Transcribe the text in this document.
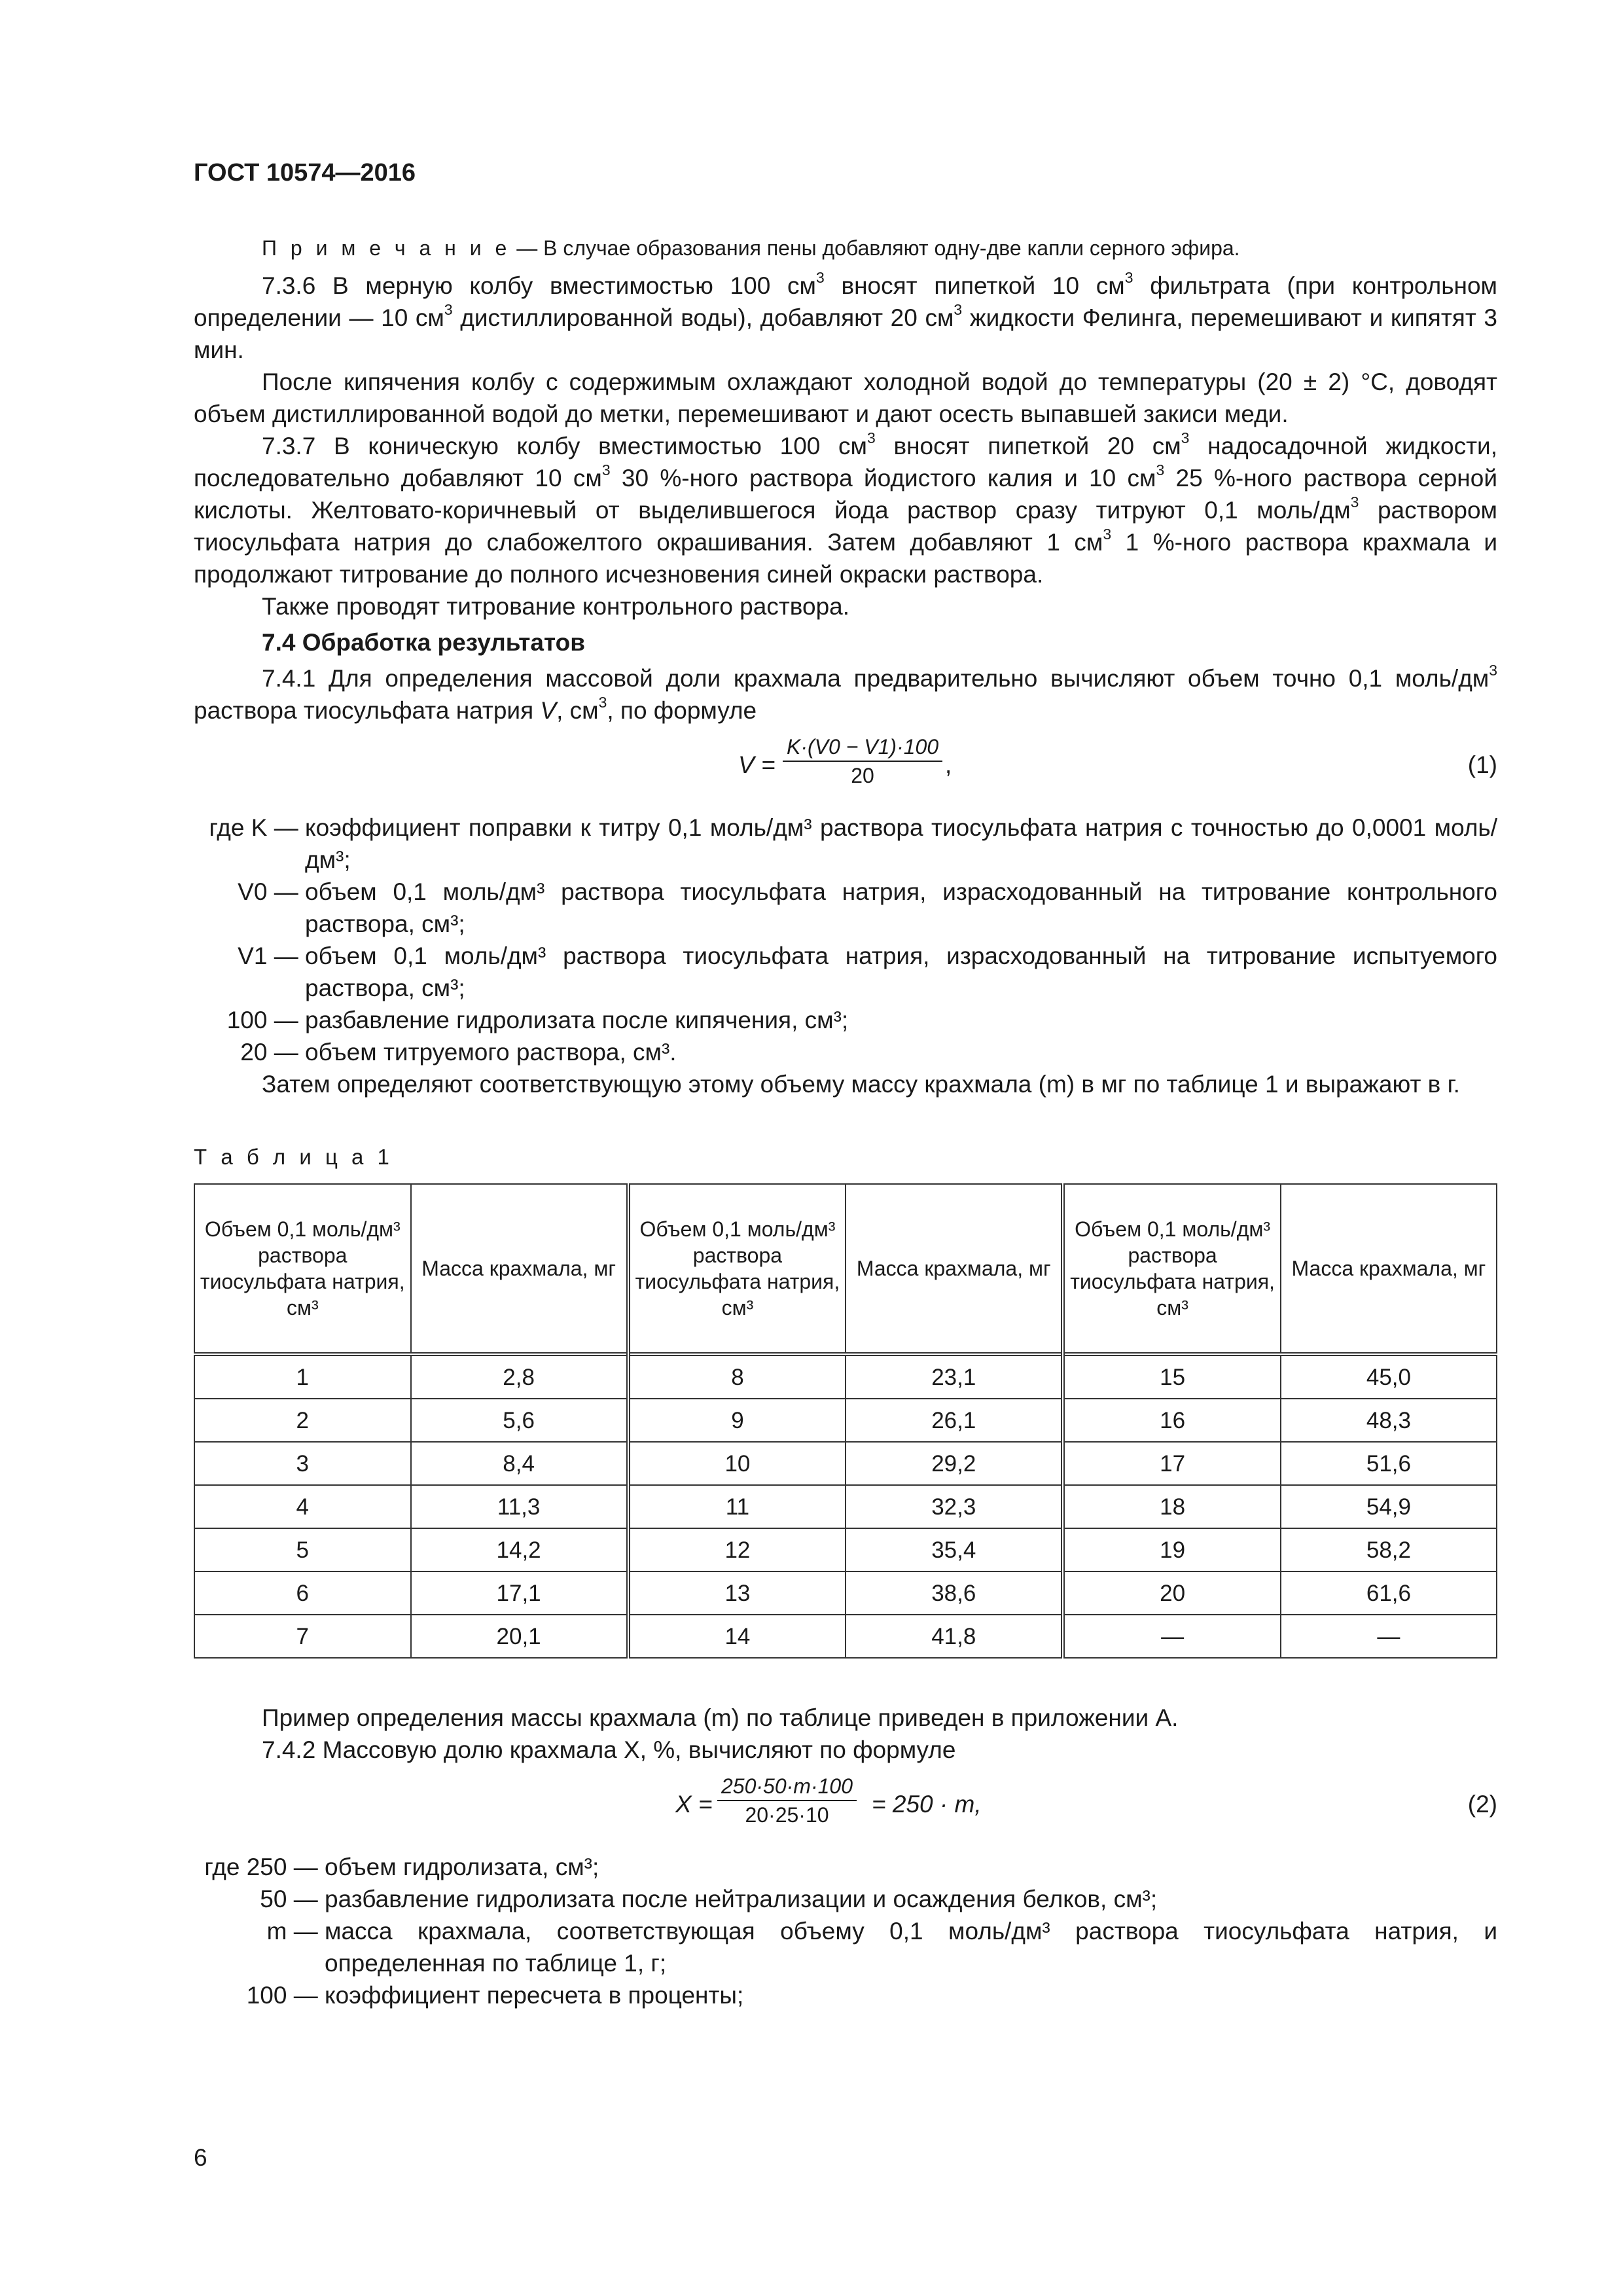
ГОСТ 10574—2016

П р и м е ч а н и е — В случае образования пены добавляют одну-две капли серного эфира.

7.3.6 В мерную колбу вместимостью 100 $см^3$ вносят пипеткой 10 $см^3$ фильтрата (при контрольном определении — 10 $см^3$ дистиллированной воды), добавляют 20 $см^3$ жидкости Фелинга, перемешивают и кипятят 3 мин.

После кипячения колбу с содержимым охлаждают холодной водой до температуры (20 ± 2) °С, доводят объем дистиллированной водой до метки, перемешивают и дают осесть выпавшей закиси меди.

7.3.7 В коническую колбу вместимостью 100 $см^3$ вносят пипеткой 20 $см^3$ надосадочной жидкости, последовательно добавляют 10 $см^3$ 30 %-ного раствора йодистого калия и 10 $см^3$ 25 %-ного раствора серной кислоты. Желтовато-коричневый от выделившегося йода раствор сразу титруют 0,1 моль/$дм^3$ раствором тиосульфата натрия до слабожелтого окрашивания. Затем добавляют 1 $см^3$ 1 %-ного раствора крахмала и продолжают титрование до полного исчезновения синей окраски раствора.

Также проводят титрование контрольного раствора.

7.4 Обработка результатов

7.4.1 Для определения массовой доли крахмала предварительно вычисляют объем точно 0,1 моль/$дм^3$ раствора тиосульфата натрия V, $см^3$, по формуле

$V = \frac{K\cdot(V0 - V1)\cdot 100}{20}$ ,	(1)
где K — коэффициент поправки к титру 0,1 моль/дм³ раствора тиосульфата натрия с точностью до 0,0001 моль/дм³;
V0 — объем 0,1 моль/дм³ раствора тиосульфата натрия, израсходованный на титрование контрольного раствора, см³;
V1 — объем 0,1 моль/дм³ раствора тиосульфата натрия, израсходованный на титрование испытуемого раствора, см³;
100 — разбавление гидролизата после кипячения, см³;
20 — объем титруемого раствора, см³.

Затем определяют соответствующую этому объему массу крахмала (m) в мг по таблице 1 и выражают в г.

Т а б л и ц а 1
Объем 0,1 моль/дм³ раствора тиосульфата натрия, см³	Масса крахмала, мг	Объем 0,1 моль/дм³ раствора тиосульфата натрия, см³	Масса крахмала, мг	Объем 0,1 моль/дм³ раствора тиосульфата натрия, см³	Масса крахмала, мг
1	2,8	8	23,1	15	45,0
2	5,6	9	26,1	16	48,3
3	8,4	10	29,2	17	51,6
4	11,3	11	32,3	18	54,9
5	14,2	12	35,4	19	58,2
6	17,1	13	38,6	20	61,6
7	20,1	14	41,8	—	—

Пример определения массы крахмала (m) по таблице приведен в приложении А.

7.4.2 Массовую долю крахмала X, %, вычисляют по формуле

$X = \frac{250\cdot 50\cdot m\cdot 100}{20\cdot 25\cdot 10} = 250 \cdot m$,	(2)
где 250 — объем гидролизата, см³;
50 — разбавление гидролизата после нейтрализации и осаждения белков, см³;
m — масса крахмала, соответствующая объему 0,1 моль/дм³ раствора тиосульфата натрия, и определенная по таблице 1, г;
100 — коэффициент пересчета в проценты;
6
